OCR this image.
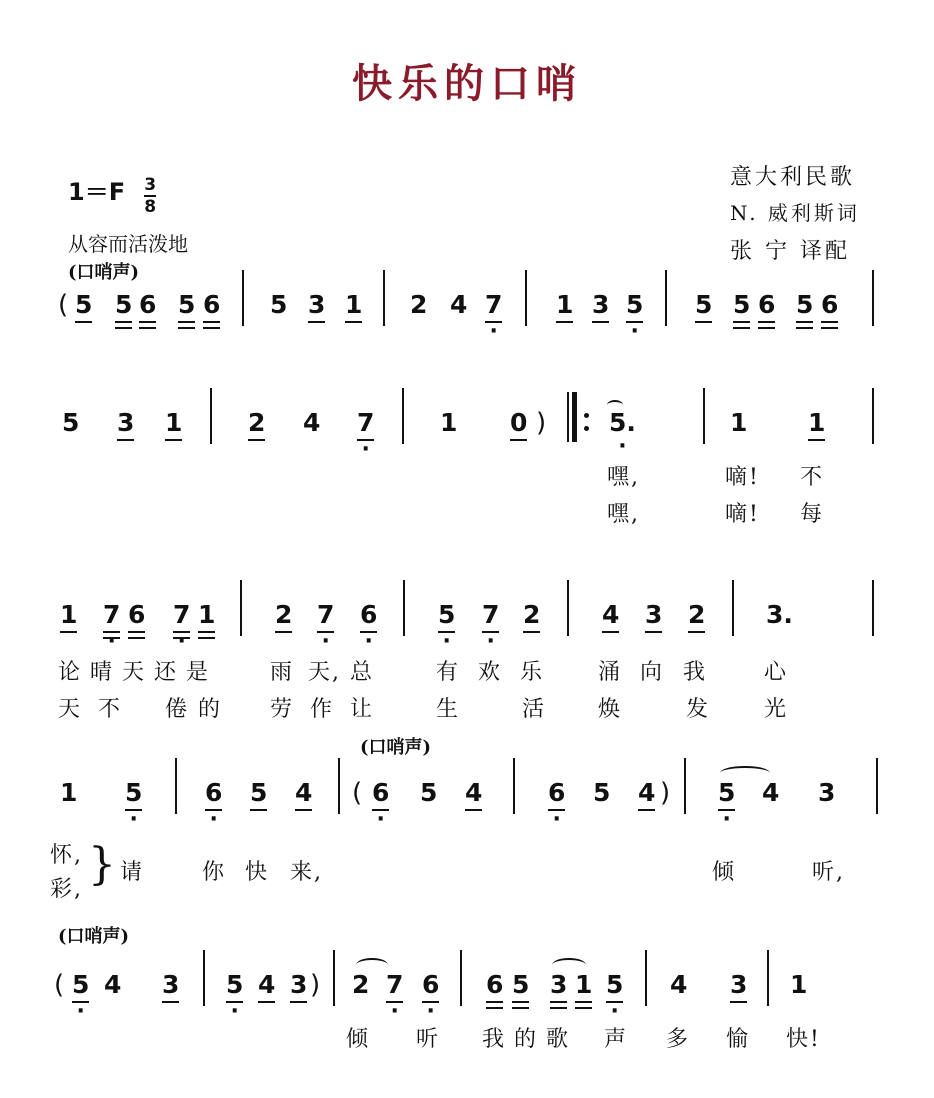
快乐的口哨
意大利民歌
N. 威利斯词
张 宁 译配
$1=F \frac{3}{8}$
从容而活泼地
(口哨声)
( 5 5 6 5 6 5 3 1 2 4 · 7 1 3 · 5 5 5 6 5 6
5 3 1	2 4 · 7	1 0 )	· 5.	1 1
嘿,	嘀! 不
嘿,	嘀! 每
1 · 7 6 · 7 1 2 · 7 · 6 · 5 · 7 2 4 3 2 3.
论 晴 天 还 是	雨 天, 总	有 欢 乐 涌 向 我	心
天 不 倦 的 劳 作 让	生	活 焕	发 光
(口哨声)
1 · 5	· 6 5 4 ( · 6 5 4	· 6 5 4 ) · 5 4 3
怀,
彩, } 请	你 快 来,	倾	听,
(口哨声)
( · 5 4 3 · 5 4 3 ) 2 · 7 · 6 6 5 3 1 · 5 4 3 1
倾 听 我 的 歌 声 多 愉 快!
